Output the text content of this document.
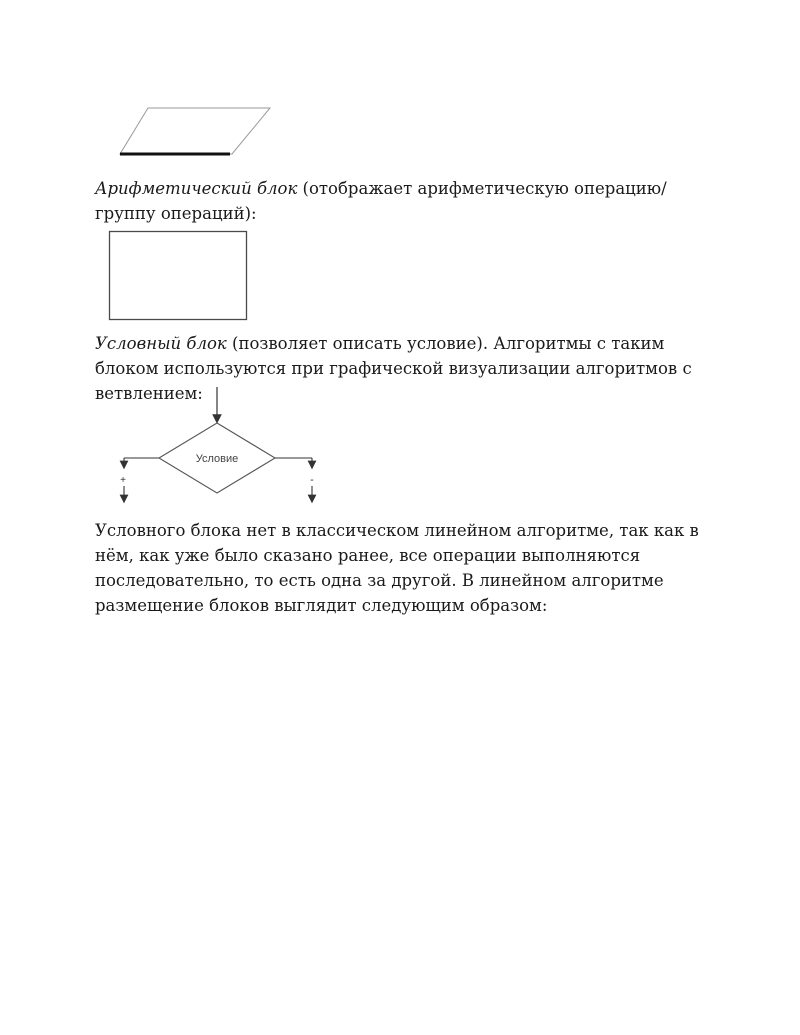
Арифметический блок (отображает арифметическую операцию/группу операций):

Условный блок (позволяет описать условие). Алгоритмы с таким блоком используются при графической визуализации алгоритмов с ветвлением:

Условие
+	-

Условного блока нет в классическом линейном алгоритме, так как в нём, как уже было сказано ранее, все операции выполняются последовательно, то есть одна за другой. В линейном алгоритме размещение блоков выглядит следующим образом:
